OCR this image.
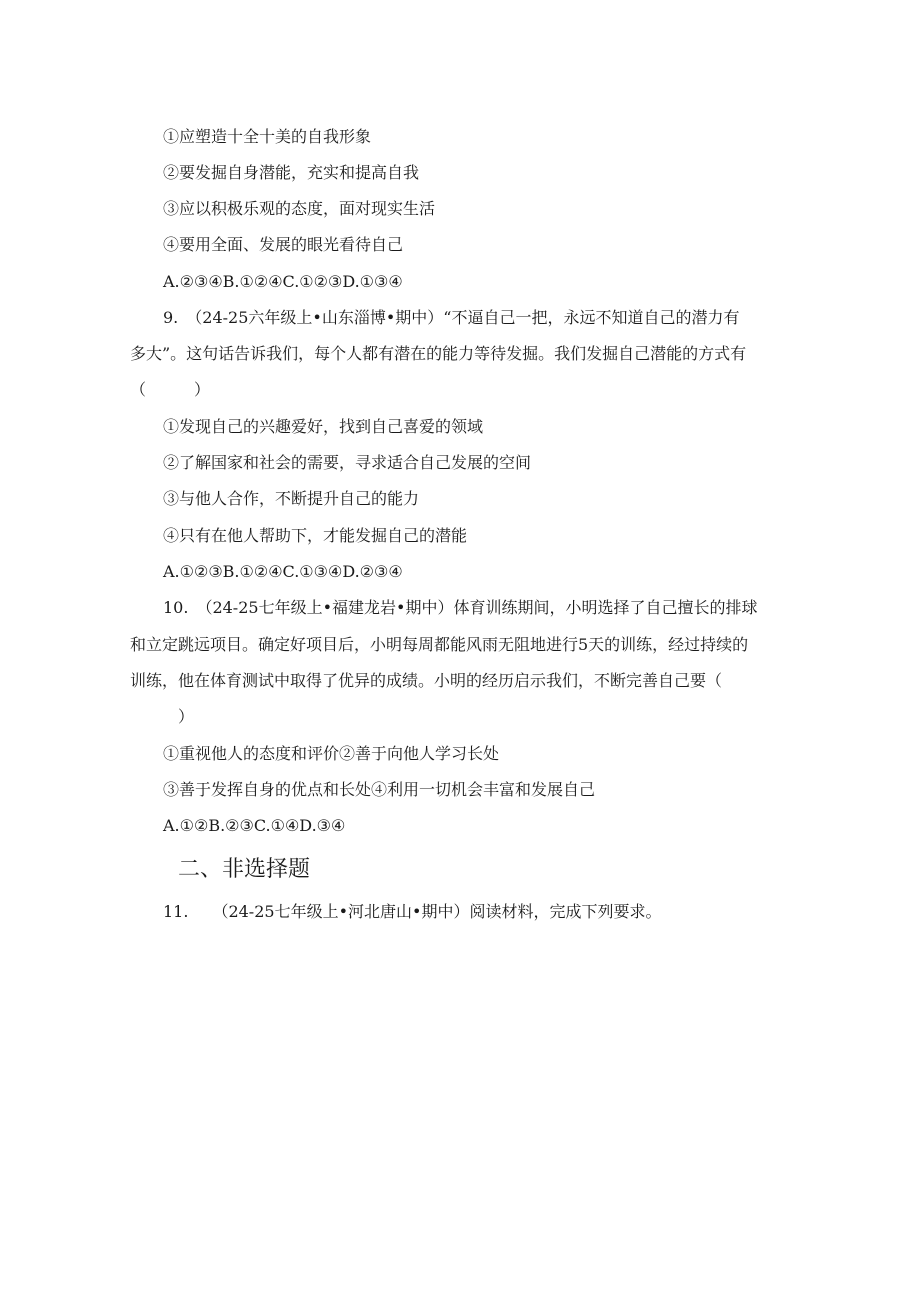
①应塑造十全十美的自我形象
②要发掘自身潜能，充实和提高自我
③应以积极乐观的态度，面对现实生活
④要用全面、发展的眼光看待自己
A.②③④B.①②④C.①②③D.①③④
9.　（24-25六年级上•山东淄博•期中）“不逼自己一把，永远不知道自己的潜力有
多大”。这句话告诉我们，每个人都有潜在的能力等待发掘。我们发掘自己潜能的方式有
（　　　）
①发现自己的兴趣爱好，找到自己喜爱的领域
②了解国家和社会的需要，寻求适合自己发展的空间
③与他人合作，不断提升自己的能力
④只有在他人帮助下，才能发掘自己的潜能
A.①②③B.①②④C.①③④D.②③④
10.　（24-25七年级上•福建龙岩•期中）体育训练期间，小明选择了自己擅长的排球
和立定跳远项目。确定好项目后，小明每周都能风雨无阻地进行5天的训练，经过持续的
训练，他在体育测试中取得了优异的成绩。小明的经历启示我们，不断完善自己要（
　　　）
①重视他人的态度和评价②善于向他人学习长处
③善于发挥自身的优点和长处④利用一切机会丰富和发展自己
A.①②B.②③C.①④D.③④
二、非选择题
11.　　（24-25七年级上•河北唐山•期中）阅读材料，完成下列要求。
